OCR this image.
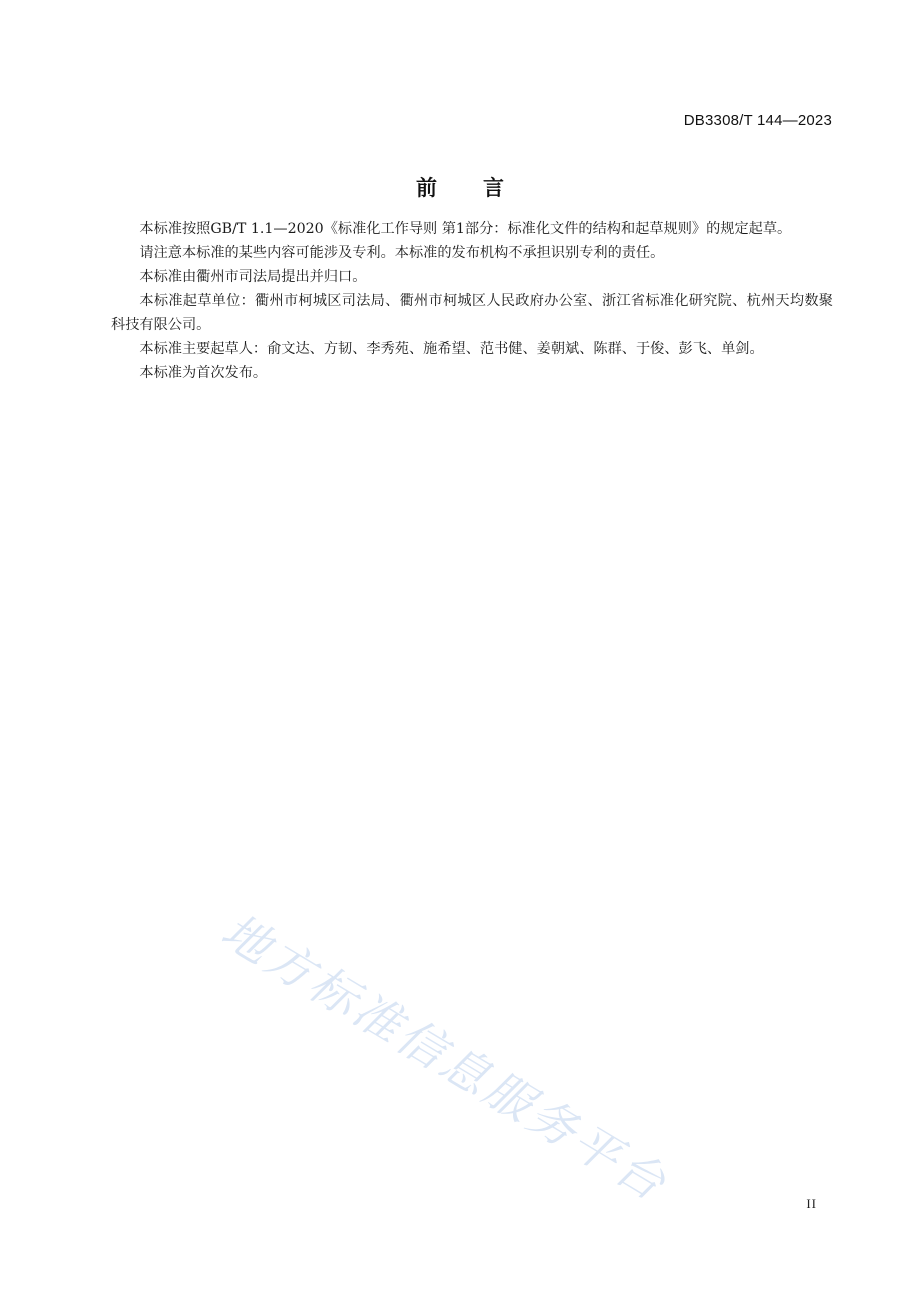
DB3308/T 144—2023
前 言

本标准按照GB/T 1.1—2020《标准化工作导则 第1部分：标准化文件的结构和起草规则》的规定起草。

请注意本标准的某些内容可能涉及专利。本标准的发布机构不承担识别专利的责任。

本标准由衢州市司法局提出并归口。

本标准起草单位：衢州市柯城区司法局、衢州市柯城区人民政府办公室、浙江省标准化研究院、杭州天均数聚科技有限公司。

本标准主要起草人：俞文达、方韧、李秀苑、施希望、范书健、姜朝斌、陈群、于俊、彭飞、单剑。

本标准为首次发布。

地方标准信息服务平台	II
